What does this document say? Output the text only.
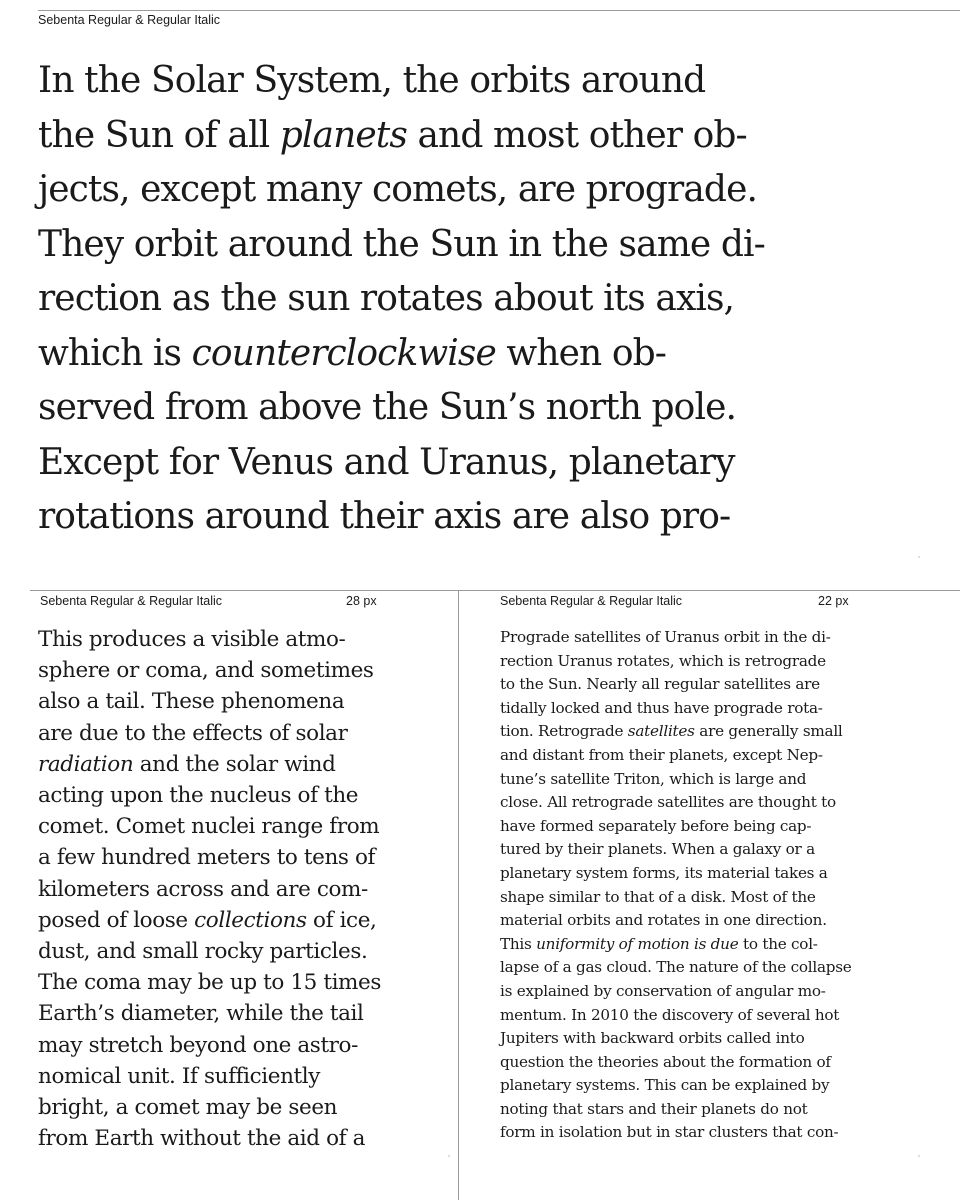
Sebenta Regular & Regular Italic
In the Solar System, the orbits around
the Sun of all planets and most other ob-
jects, except many comets, are prograde.
They orbit around the Sun in the same di-
rection as the sun rotates about its axis,
which is counterclockwise when ob-
served from above the Sun’s north pole.
Except for Venus and Uranus, planetary
rotations around their axis are also pro-
Sebenta Regular & Regular Italic	28 px
This produces a visible atmo-
sphere or coma, and sometimes
also a tail. These phenomena
are due to the effects of solar
radiation and the solar wind
acting upon the nucleus of the
comet. Comet nuclei range from
a few hundred meters to tens of
kilometers across and are com-
posed of loose collections of ice,
dust, and small rocky particles.
The coma may be up to 15 times
Earth’s diameter, while the tail
may stretch beyond one astro-
nomical unit. If sufficiently
bright, a comet may be seen
from Earth without the aid of a
Sebenta Regular & Regular Italic	22 px
Prograde satellites of Uranus orbit in the di-
rection Uranus rotates, which is retrograde
to the Sun. Nearly all regular satellites are
tidally locked and thus have prograde rota-
tion. Retrograde satellites are generally small
and distant from their planets, except Nep-
tune’s satellite Triton, which is large and
close. All retrograde satellites are thought to
have formed separately before being cap-
tured by their planets. When a galaxy or a
planetary system forms, its material takes a
shape similar to that of a disk. Most of the
material orbits and rotates in one direction.
This uniformity of motion is due to the col-
lapse of a gas cloud. The nature of the collapse
is explained by conservation of angular mo-
mentum. In 2010 the discovery of several hot
Jupiters with backward orbits called into
question the theories about the formation of
planetary systems. This can be explained by
noting that stars and their planets do not
form in isolation but in star clusters that con-
